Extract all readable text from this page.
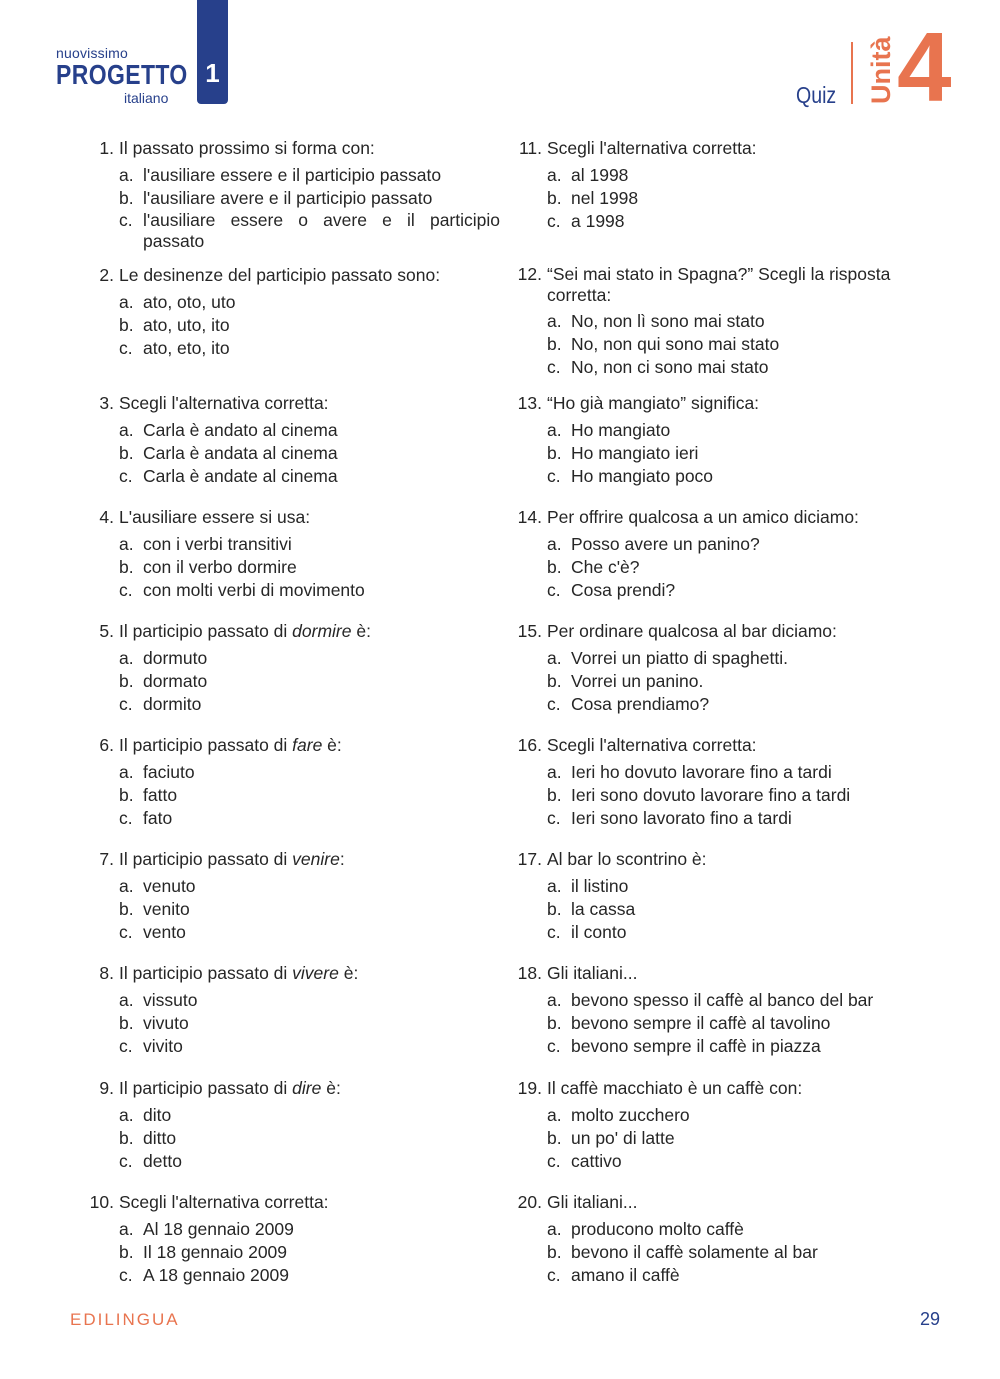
nuovissimo
PROGETTO
italiano
1
Quiz Unità 4
1. Il passato prossimo si forma con:
a. l'ausiliare essere e il participio passato
b. l'ausiliare avere e il participio passato
c. l'ausiliare essere o avere e il participio passato
2. Le desinenze del participio passato sono:
a. ato, oto, uto
b. ato, uto, ito
c. ato, eto, ito
3. Scegli l'alternativa corretta:
a. Carla è andato al cinema
b. Carla è andata al cinema
c. Carla è andate al cinema
4. L'ausiliare essere si usa:
a. con i verbi transitivi
b. con il verbo dormire
c. con molti verbi di movimento
5. Il participio passato di dormire è:
a. dormuto
b. dormato
c. dormito
6. Il participio passato di fare è:
a. faciuto
b. fatto
c. fato
7. Il participio passato di venire:
a. venuto
b. venito
c. vento
8. Il participio passato di vivere è:
a. vissuto
b. vivuto
c. vivito
9. Il participio passato di dire è:
a. dito
b. ditto
c. detto
10. Scegli l'alternativa corretta:
a. Al 18 gennaio 2009
b. Il 18 gennaio 2009
c. A 18 gennaio 2009
11. Scegli l'alternativa corretta:
a. al 1998
b. nel 1998
c. a 1998
12. “Sei mai stato in Spagna?” Scegli la risposta corretta:
a. No, non lì sono mai stato
b. No, non qui sono mai stato
c. No, non ci sono mai stato
13. “Ho già mangiato” significa:
a. Ho mangiato
b. Ho mangiato ieri
c. Ho mangiato poco
14. Per offrire qualcosa a un amico diciamo:
a. Posso avere un panino?
b. Che c'è?
c. Cosa prendi?
15. Per ordinare qualcosa al bar diciamo:
a. Vorrei un piatto di spaghetti.
b. Vorrei un panino.
c. Cosa prendiamo?
16. Scegli l'alternativa corretta:
a. Ieri ho dovuto lavorare fino a tardi
b. Ieri sono dovuto lavorare fino a tardi
c. Ieri sono lavorato fino a tardi
17. Al bar lo scontrino è:
a. il listino
b. la cassa
c. il conto
18. Gli italiani...
a. bevono spesso il caffè al banco del bar
b. bevono sempre il caffè al tavolino
c. bevono sempre il caffè in piazza
19. Il caffè macchiato è un caffè con:
a. molto zucchero
b. un po' di latte
c. cattivo
20. Gli italiani...
a. producono molto caffè
b. bevono il caffè solamente al bar
c. amano il caffè
EDILINGUA	29
